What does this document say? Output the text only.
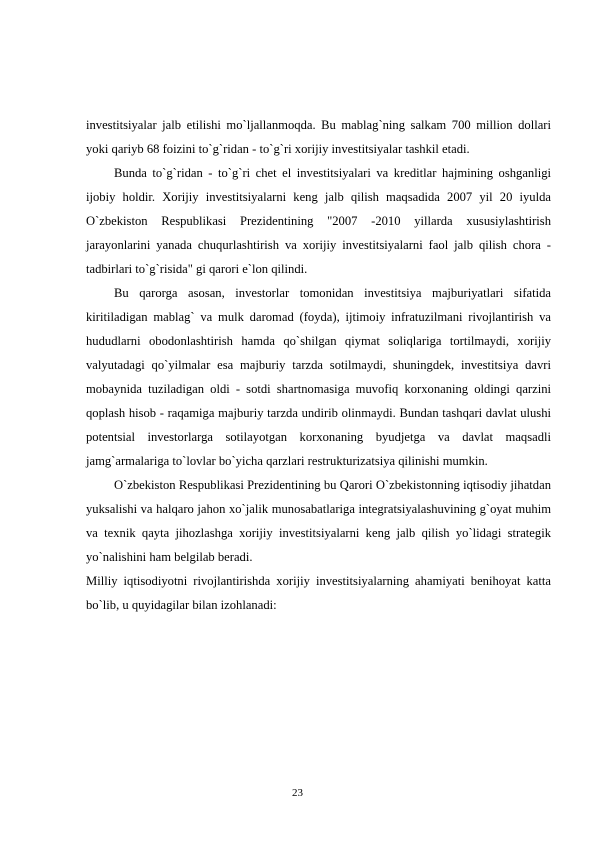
investitsiyalar jalb etilishi mo`ljallanmoqda. Bu mablag`ning salkam 700 million dollari yoki qariyb 68 foizini to`g`ridan - to`g`ri xorijiy investitsiyalar tashkil etadi.

Bunda to`g`ridan - to`g`ri chet el investitsiyalari va kreditlar hajmining oshganligi ijobiy holdir. Xorijiy investitsiyalarni keng jalb qilish maqsadida 2007 yil 20 iyulda O`zbekiston Respublikasi Prezidentining "2007 -2010 yillarda xususiylashtirish jarayonlarini yanada chuqurlashtirish va xorijiy investitsiyalarni faol jalb qilish chora - tadbirlari to`g`risida" gi qarori e`lon qilindi.

Bu qarorga asosan, investorlar tomonidan investitsiya majburiyatlari sifatida kiritiladigan mablag` va mulk daromad (foyda), ijtimoiy infratuzilmani rivojlantirish va hududlarni obodonlashtirish hamda qo`shilgan qiymat soliqlariga tortilmaydi, xorijiy valyutadagi qo`yilmalar esa majburiy tarzda sotilmaydi, shuningdek, investitsiya davri mobaynida tuziladigan oldi - sotdi shartnomasiga muvofiq korxonaning oldingi qarzini qoplash hisob - raqamiga majburiy tarzda undirib olinmaydi. Bundan tashqari davlat ulushi potentsial investorlarga sotilayotgan korxonaning byudjetga va davlat maqsadli jamg`armalariga to`lovlar bo`yicha qarzlari restrukturizatsiya qilinishi mumkin.

O`zbekiston Respublikasi Prezidentining bu Qarori O`zbekistonning iqtisodiy jihatdan yuksalishi va halqaro jahon xo`jalik munosabatlariga integratsiyalashuvining g`oyat muhim va texnik qayta jihozlashga xorijiy investitsiyalarni keng jalb qilish yo`lidagi strategik yo`nalishini ham belgilab beradi.

Milliy iqtisodiyotni rivojlantirishda xorijiy investitsiyalarning ahamiyati benihoyat katta bo`lib, u quyidagilar bilan izohlanadi:

23
